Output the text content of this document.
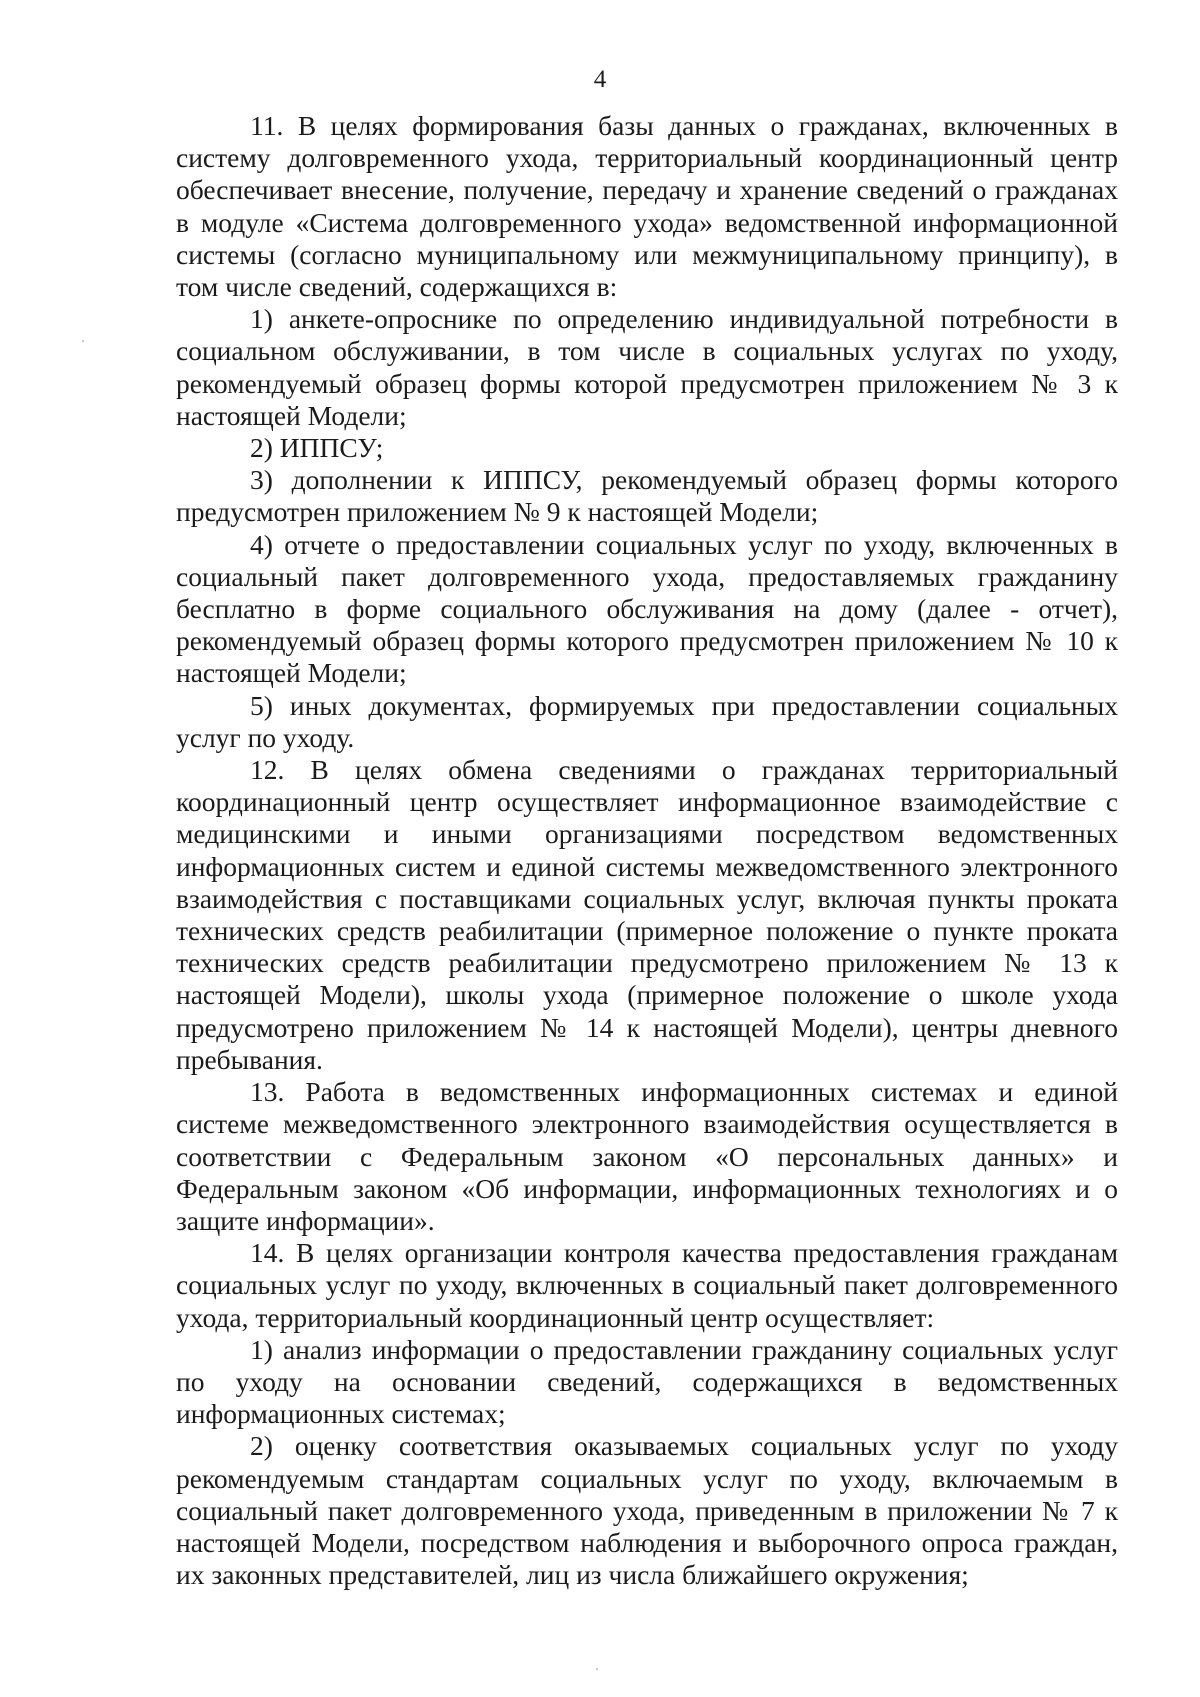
4

11. В целях формирования базы данных о гражданах, включенных в систему долговременного ухода, территориальный координационный центр обеспечивает внесение, получение, передачу и хранение сведений о гражданах в модуле «Система долговременного ухода» ведомственной информационной системы (согласно муниципальному или межмуниципальному принципу), в том числе сведений, содержащихся в:

1) анкете-опроснике по определению индивидуальной потребности в социальном обслуживании, в том числе в социальных услугах по уходу, рекомендуемый образец формы которой предусмотрен приложением № 3 к настоящей Модели;

2) ИППСУ;

3) дополнении к ИППСУ, рекомендуемый образец формы которого предусмотрен приложением № 9 к настоящей Модели;

4) отчете о предоставлении социальных услуг по уходу, включенных в социальный пакет долговременного ухода, предоставляемых гражданину бесплатно в форме социального обслуживания на дому (далее - отчет), рекомендуемый образец формы которого предусмотрен приложением № 10 к настоящей Модели;

5) иных документах, формируемых при предоставлении социальных услуг по уходу.

12. В целях обмена сведениями о гражданах территориальный координационный центр осуществляет информационное взаимодействие с медицинскими и иными организациями посредством ведомственных информационных систем и единой системы межведомственного электронного взаимодействия с поставщиками социальных услуг, включая пункты проката технических средств реабилитации (примерное положение о пункте проката технических средств реабилитации предусмотрено приложением № 13 к настоящей Модели), школы ухода (примерное положение о школе ухода предусмотрено приложением № 14 к настоящей Модели), центры дневного пребывания.

13. Работа в ведомственных информационных системах и единой системе межведомственного электронного взаимодействия осуществляется в соответствии с Федеральным законом «О персональных данных» и Федеральным законом «Об информации, информационных технологиях и о защите информации».

14. В целях организации контроля качества предоставления гражданам социальных услуг по уходу, включенных в социальный пакет долговременного ухода, территориальный координационный центр осуществляет:

1) анализ информации о предоставлении гражданину социальных услуг по уходу на основании сведений, содержащихся в ведомственных информационных системах;

2) оценку соответствия оказываемых социальных услуг по уходу рекомендуемым стандартам социальных услуг по уходу, включаемым в социальный пакет долговременного ухода, приведенным в приложении № 7 к настоящей Модели, посредством наблюдения и выборочного опроса граждан, их законных представителей, лиц из числа ближайшего окружения;
